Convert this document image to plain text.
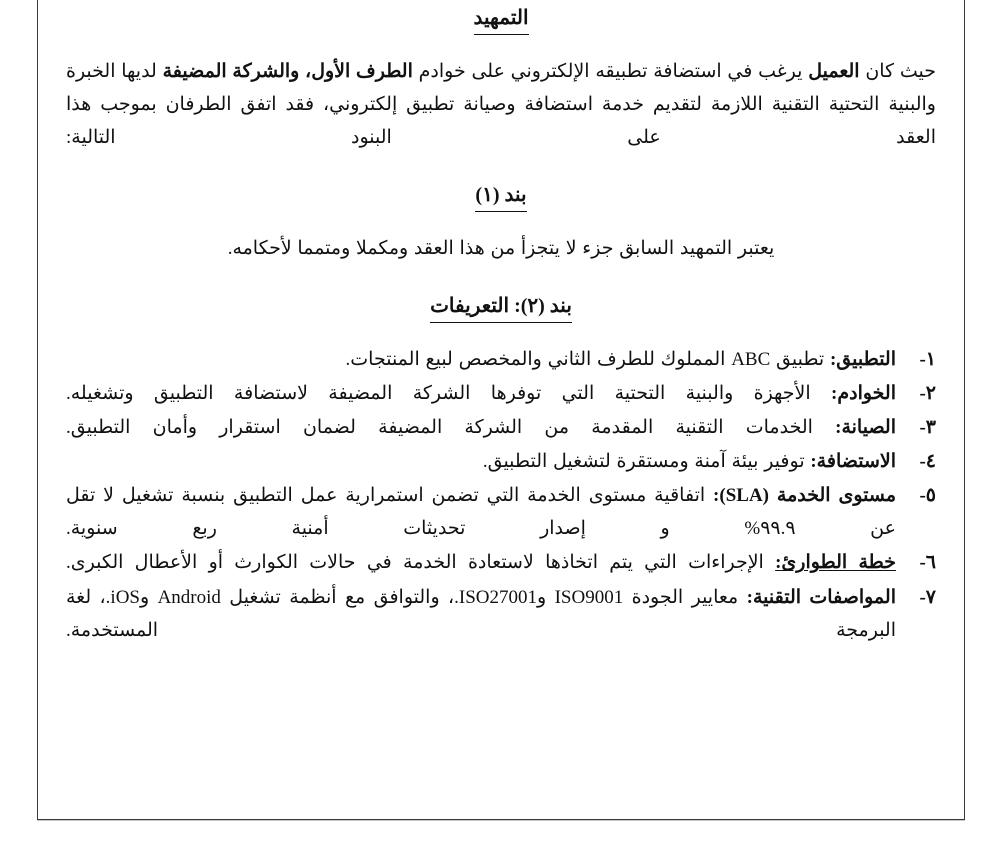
التمهيد

حيث كان العميل يرغب في استضافة تطبيقه الإلكتروني على خوادم الطرف الأول، والشركة المضيفة لديها الخبرة والبنية التحتية التقنية اللازمة لتقديم خدمة استضافة وصيانة تطبيق إلكتروني، فقد اتفق الطرفان بموجب هذا العقد على البنود التالية:

بند (١)

يعتبر التمهيد السابق جزء لا يتجزأ من هذا العقد ومكملا ومتمما لأحكامه.

بند (٢): التعريفات
١-
التطبيق: تطبيق ABC المملوك للطرف الثاني والمخصص لبيع المنتجات.
٢-
الخوادم: الأجهزة والبنية التحتية التي توفرها الشركة المضيفة لاستضافة التطبيق وتشغيله.
٣-
الصيانة: الخدمات التقنية المقدمة من الشركة المضيفة لضمان استقرار وأمان التطبيق.
٤-
الاستضافة: توفير بيئة آمنة ومستقرة لتشغيل التطبيق.
٥-
مستوى الخدمة (SLA): اتفاقية مستوى الخدمة التي تضمن استمرارية عمل التطبيق بنسبة تشغيل لا تقل عن ٩٩.٩% و إصدار تحديثات أمنية ربع سنوية.
٦-
خطة الطوارئ: الإجراءات التي يتم اتخاذها لاستعادة الخدمة في حالات الكوارث أو الأعطال الكبرى.
٧-
المواصفات التقنية: معايير الجودة ISO9001 وISO27001.، والتوافق مع أنظمة تشغيل Android وiOS.، لغة البرمجة المستخدمة.
